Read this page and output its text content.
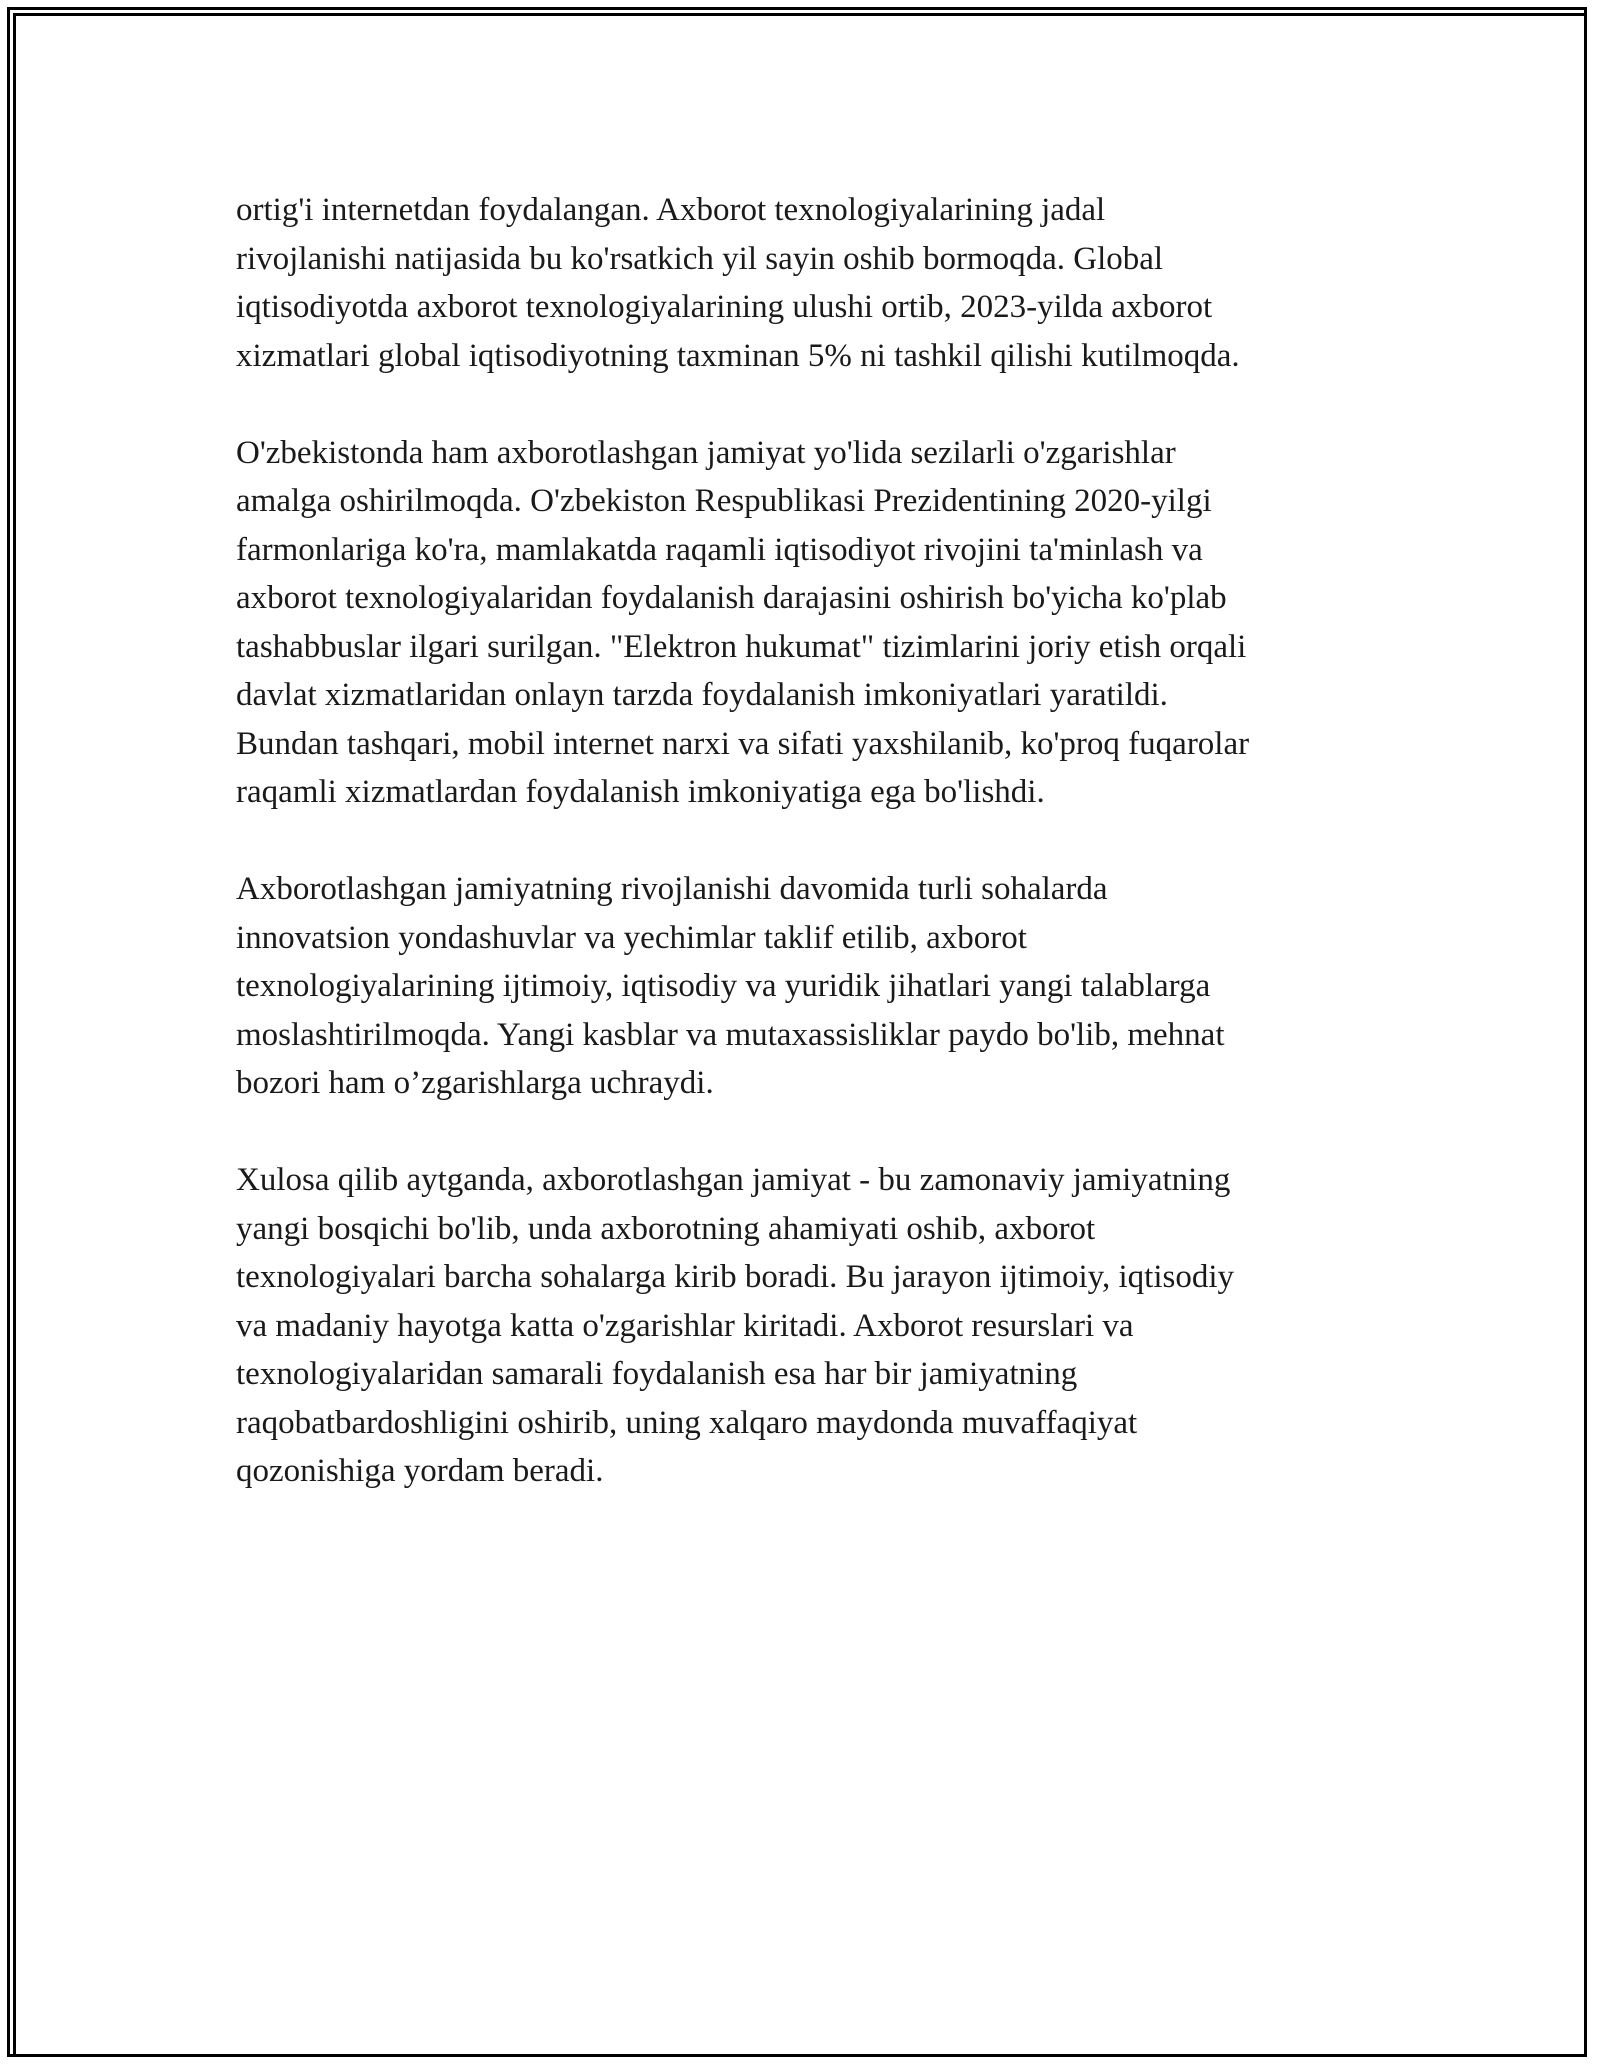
ortig'i internetdan foydalangan. Axborot texnologiyalarining jadal
rivojlanishi natijasida bu ko'rsatkich yil sayin oshib bormoqda. Global
iqtisodiyotda axborot texnologiyalarining ulushi ortib, 2023-yilda axborot
xizmatlari global iqtisodiyotning taxminan 5% ni tashkil qilishi kutilmoqda.

O'zbekistonda ham axborotlashgan jamiyat yo'lida sezilarli o'zgarishlar
amalga oshirilmoqda. O'zbekiston Respublikasi Prezidentining 2020-yilgi
farmonlariga ko'ra, mamlakatda raqamli iqtisodiyot rivojini ta'minlash va
axborot texnologiyalaridan foydalanish darajasini oshirish bo'yicha ko'plab
tashabbuslar ilgari surilgan. "Elektron hukumat" tizimlarini joriy etish orqali
davlat xizmatlaridan onlayn tarzda foydalanish imkoniyatlari yaratildi.
Bundan tashqari, mobil internet narxi va sifati yaxshilanib, ko'proq fuqarolar
raqamli xizmatlardan foydalanish imkoniyatiga ega bo'lishdi.

Axborotlashgan jamiyatning rivojlanishi davomida turli sohalarda
innovatsion yondashuvlar va yechimlar taklif etilib, axborot
texnologiyalarining ijtimoiy, iqtisodiy va yuridik jihatlari yangi talablarga
moslashtirilmoqda. Yangi kasblar va mutaxassisliklar paydo bo'lib, mehnat
bozori ham o’zgarishlarga uchraydi.

Xulosa qilib aytganda, axborotlashgan jamiyat - bu zamonaviy jamiyatning
yangi bosqichi bo'lib, unda axborotning ahamiyati oshib, axborot
texnologiyalari barcha sohalarga kirib boradi. Bu jarayon ijtimoiy, iqtisodiy
va madaniy hayotga katta o'zgarishlar kiritadi. Axborot resurslari va
texnologiyalaridan samarali foydalanish esa har bir jamiyatning
raqobatbardoshligini oshirib, uning xalqaro maydonda muvaffaqiyat
qozonishiga yordam beradi.
